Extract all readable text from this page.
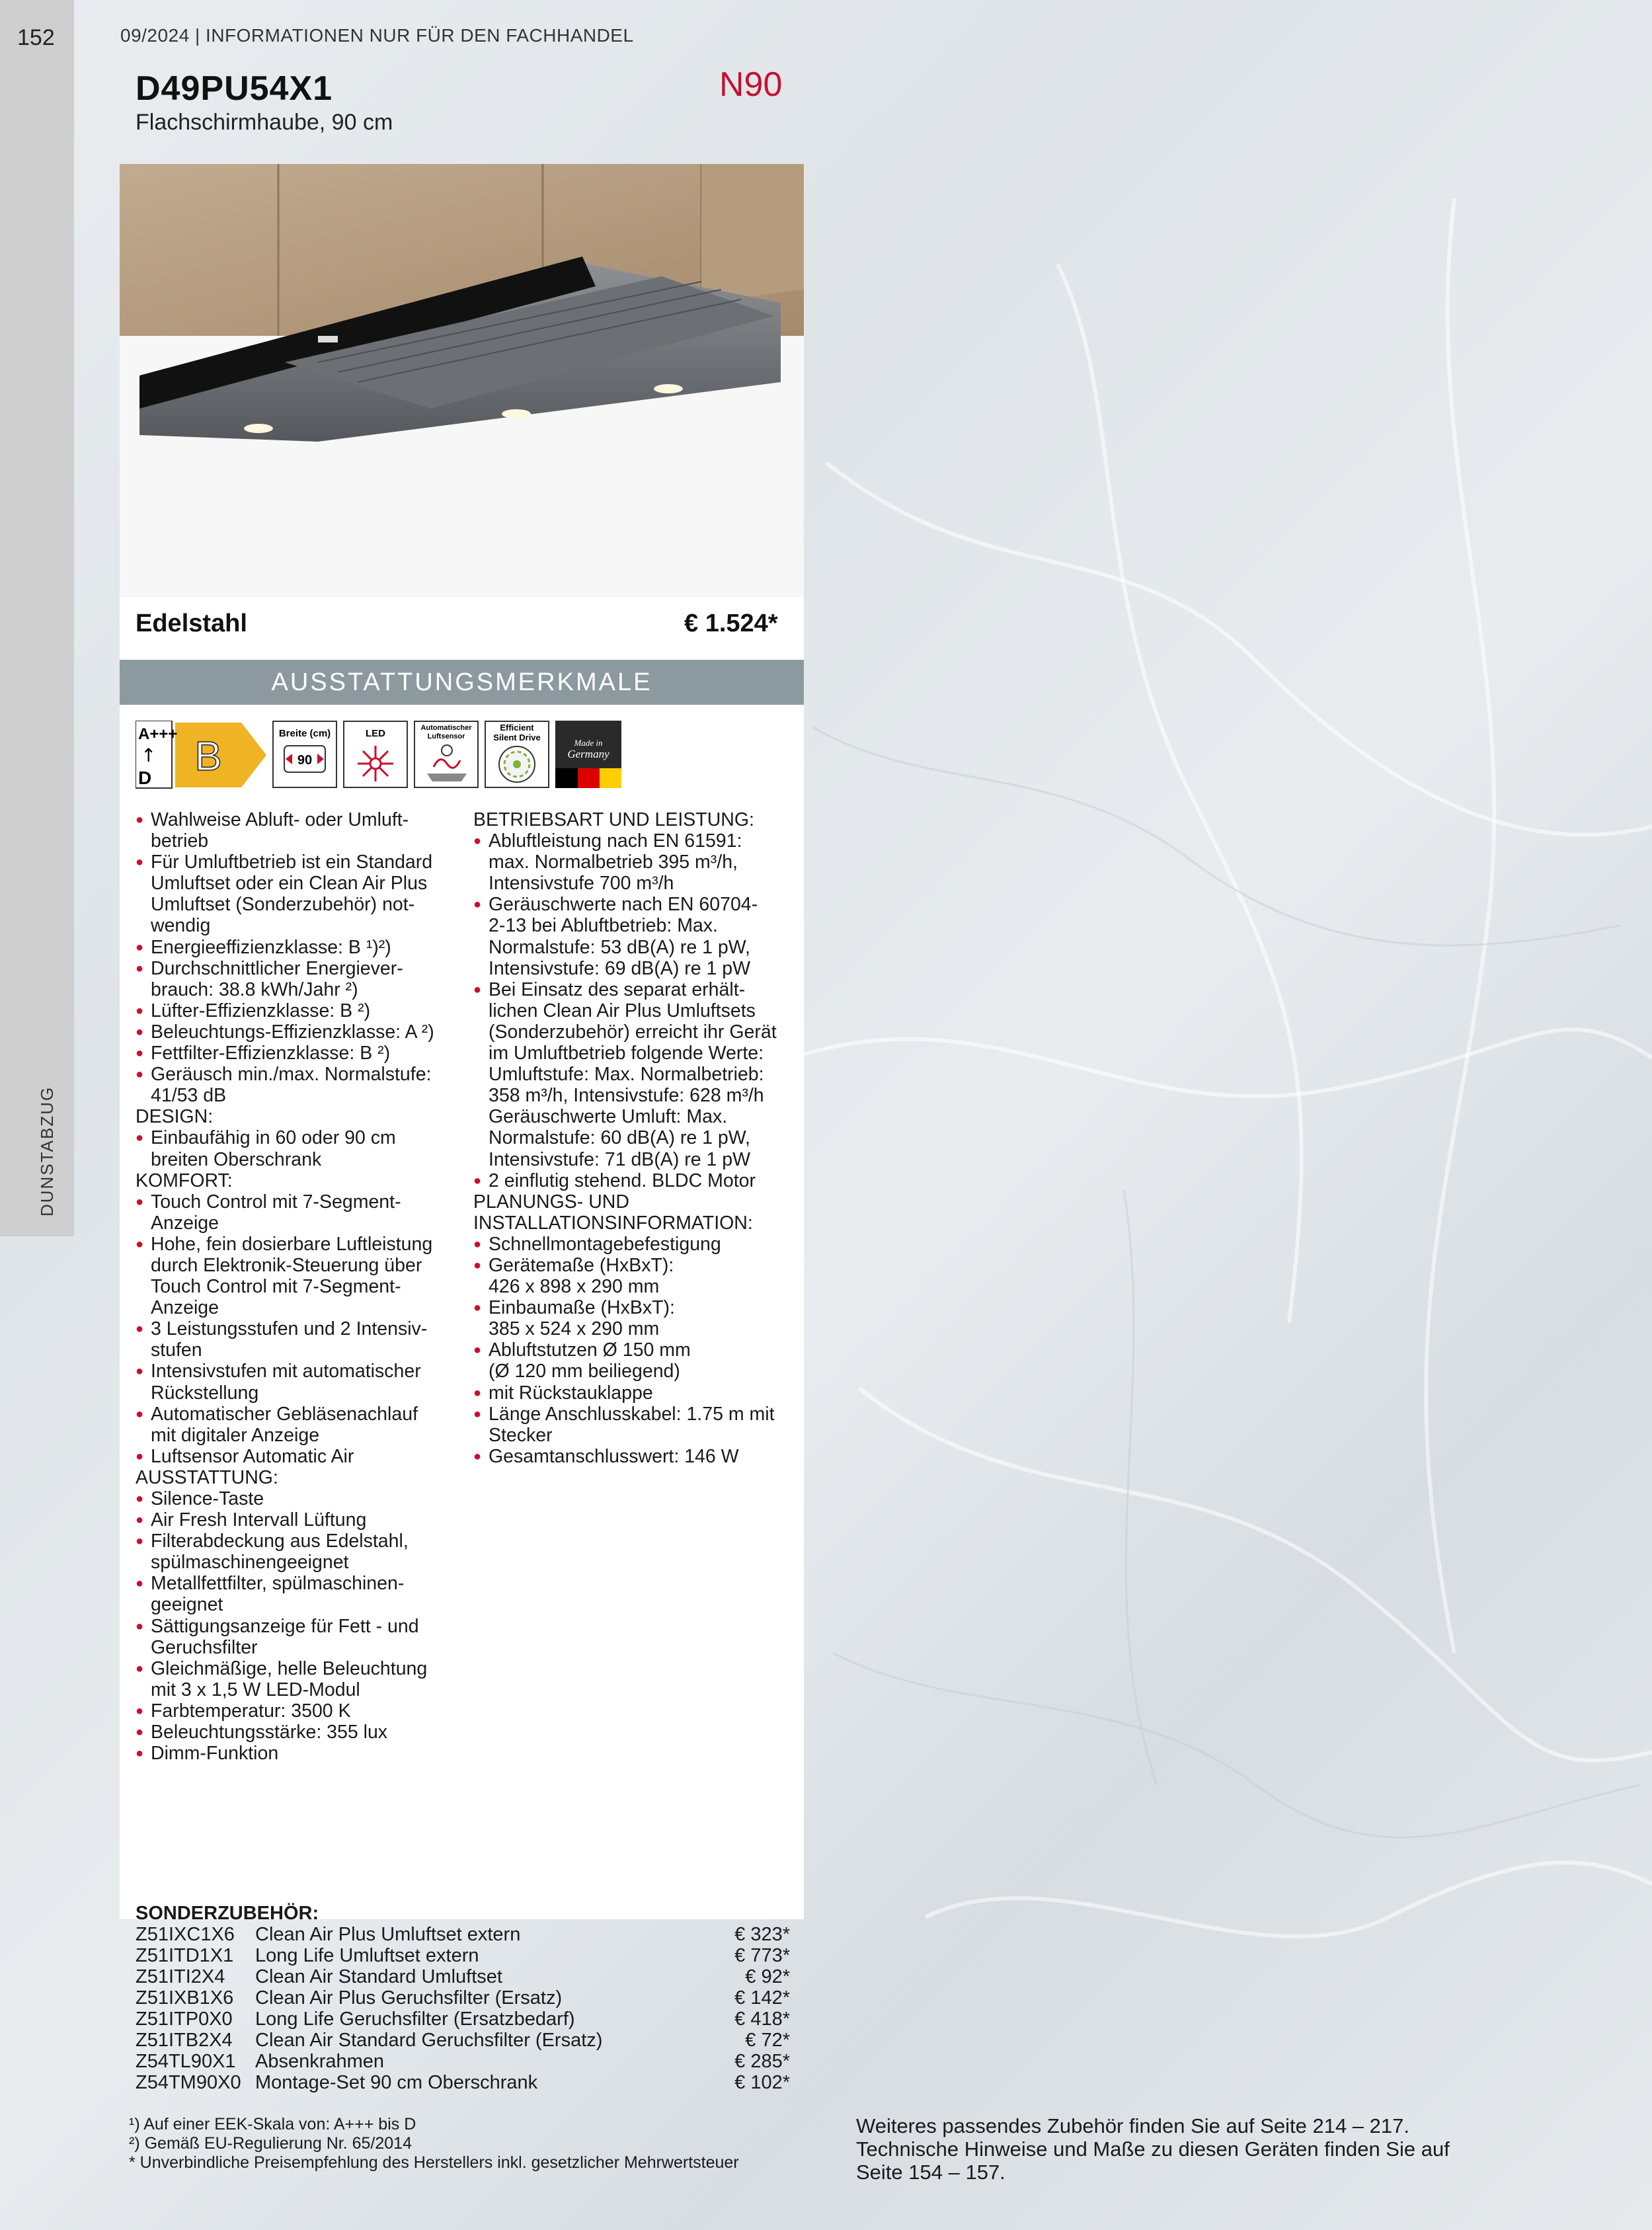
152
DUNSTABZUG
09/2024 | INFORMATIONEN NUR FÜR DEN FACHHANDEL
D49PU54X1
Flachschirmhaube, 90 cm
N90
Edelstahl	€ 1.524*
AUSSTATTUNGSMERKMALE
B
A+++
↑
D
Breite (cm)
90
LED	Automatischer
Luftsensor
Efficient
Silent Drive
Made in
Germany
● Wahlweise Abluft- oder Umluft-
betrieb
● Für Umluftbetrieb ist ein Standard
Umluftset oder ein Clean Air Plus
Umluftset (Sonderzubehör) not-
wendig
● Energieeffizienzklasse: B ¹)²)
● Durchschnittlicher Energiever-
brauch: 38.8 kWh/Jahr ²)
● Lüfter-Effizienzklasse: B ²)
● Beleuchtungs-Effizienzklasse: A ²)
● Fettfilter-Effizienzklasse: B ²)
● Geräusch min./max. Normalstufe:
41/53 dB
DESIGN:
● Einbaufähig in 60 oder 90 cm
breiten Oberschrank
KOMFORT:
● Touch Control mit 7-Segment-
Anzeige
● Hohe, fein dosierbare Luftleistung
durch Elektronik-Steuerung über
Touch Control mit 7-Segment-
Anzeige
● 3 Leistungsstufen und 2 Intensiv-
stufen
● Intensivstufen mit automatischer
Rückstellung
● Automatischer Gebläsenachlauf
mit digitaler Anzeige
● Luftsensor Automatic Air
AUSSTATTUNG:
● Silence-Taste
● Air Fresh Intervall Lüftung
● Filterabdeckung aus Edelstahl,
spülmaschinengeeignet
● Metallfettfilter, spülmaschinen-
geeignet
● Sättigungsanzeige für Fett - und
Geruchsfilter
● Gleichmäßige, helle Beleuchtung
mit 3 x 1,5 W LED-Modul
● Farbtemperatur: 3500 K
● Beleuchtungsstärke: 355 lux
● Dimm-Funktion
BETRIEBSART UND LEISTUNG:
● Abluftleistung nach EN 61591:
max. Normalbetrieb 395 m³/h,
Intensivstufe 700 m³/h
● Geräuschwerte nach EN 60704-
2-13 bei Abluftbetrieb: Max.
Normalstufe: 53 dB(A) re 1 pW,
Intensivstufe: 69 dB(A) re 1 pW
● Bei Einsatz des separat erhält-
lichen Clean Air Plus Umluftsets
(Sonderzubehör) erreicht ihr Gerät
im Umluftbetrieb folgende Werte:
Umluftstufe: Max. Normalbetrieb:
358 m³/h, Intensivstufe: 628 m³/h
Geräuschwerte Umluft: Max.
Normalstufe: 60 dB(A) re 1 pW,
Intensivstufe: 71 dB(A) re 1 pW
● 2 einflutig stehend. BLDC Motor
PLANUNGS- UND
INSTALLATIONSINFORMATION:
● Schnellmontagebefestigung
● Gerätemaße (HxBxT):
426 x 898 x 290 mm
● Einbaumaße (HxBxT):
385 x 524 x 290 mm
● Abluftstutzen Ø 150 mm
(Ø 120 mm beiliegend)
● mit Rückstauklappe
● Länge Anschlusskabel: 1.75 m mit
Stecker
● Gesamtanschlusswert: 146 W
SONDERZUBEHÖR:
Z51IXC1X6 Clean Air Plus Umluftset extern	€ 323*
Z51ITD1X1 Long Life Umluftset extern	€ 773*
Z51ITI2X4 Clean Air Standard Umluftset	€ 92*
Z51IXB1X6 Clean Air Plus Geruchsfilter (Ersatz)	€ 142*
Z51ITP0X0 Long Life Geruchsfilter (Ersatzbedarf)	€ 418*
Z51ITB2X4 Clean Air Standard Geruchsfilter (Ersatz)	€ 72*
Z54TL90X1 Absenkrahmen	€ 285*
Z54TM90X0 Montage-Set 90 cm Oberschrank	€ 102*
¹) Auf einer EEK-Skala von: A+++ bis D
²) Gemäß EU-Regulierung Nr. 65/2014
* Unverbindliche Preisempfehlung des Herstellers inkl. gesetzlicher Mehrwertsteuer
Weiteres passendes Zubehör finden Sie auf Seite 214 – 217.
Technische Hinweise und Maße zu diesen Geräten finden Sie auf
Seite 154 – 157.
